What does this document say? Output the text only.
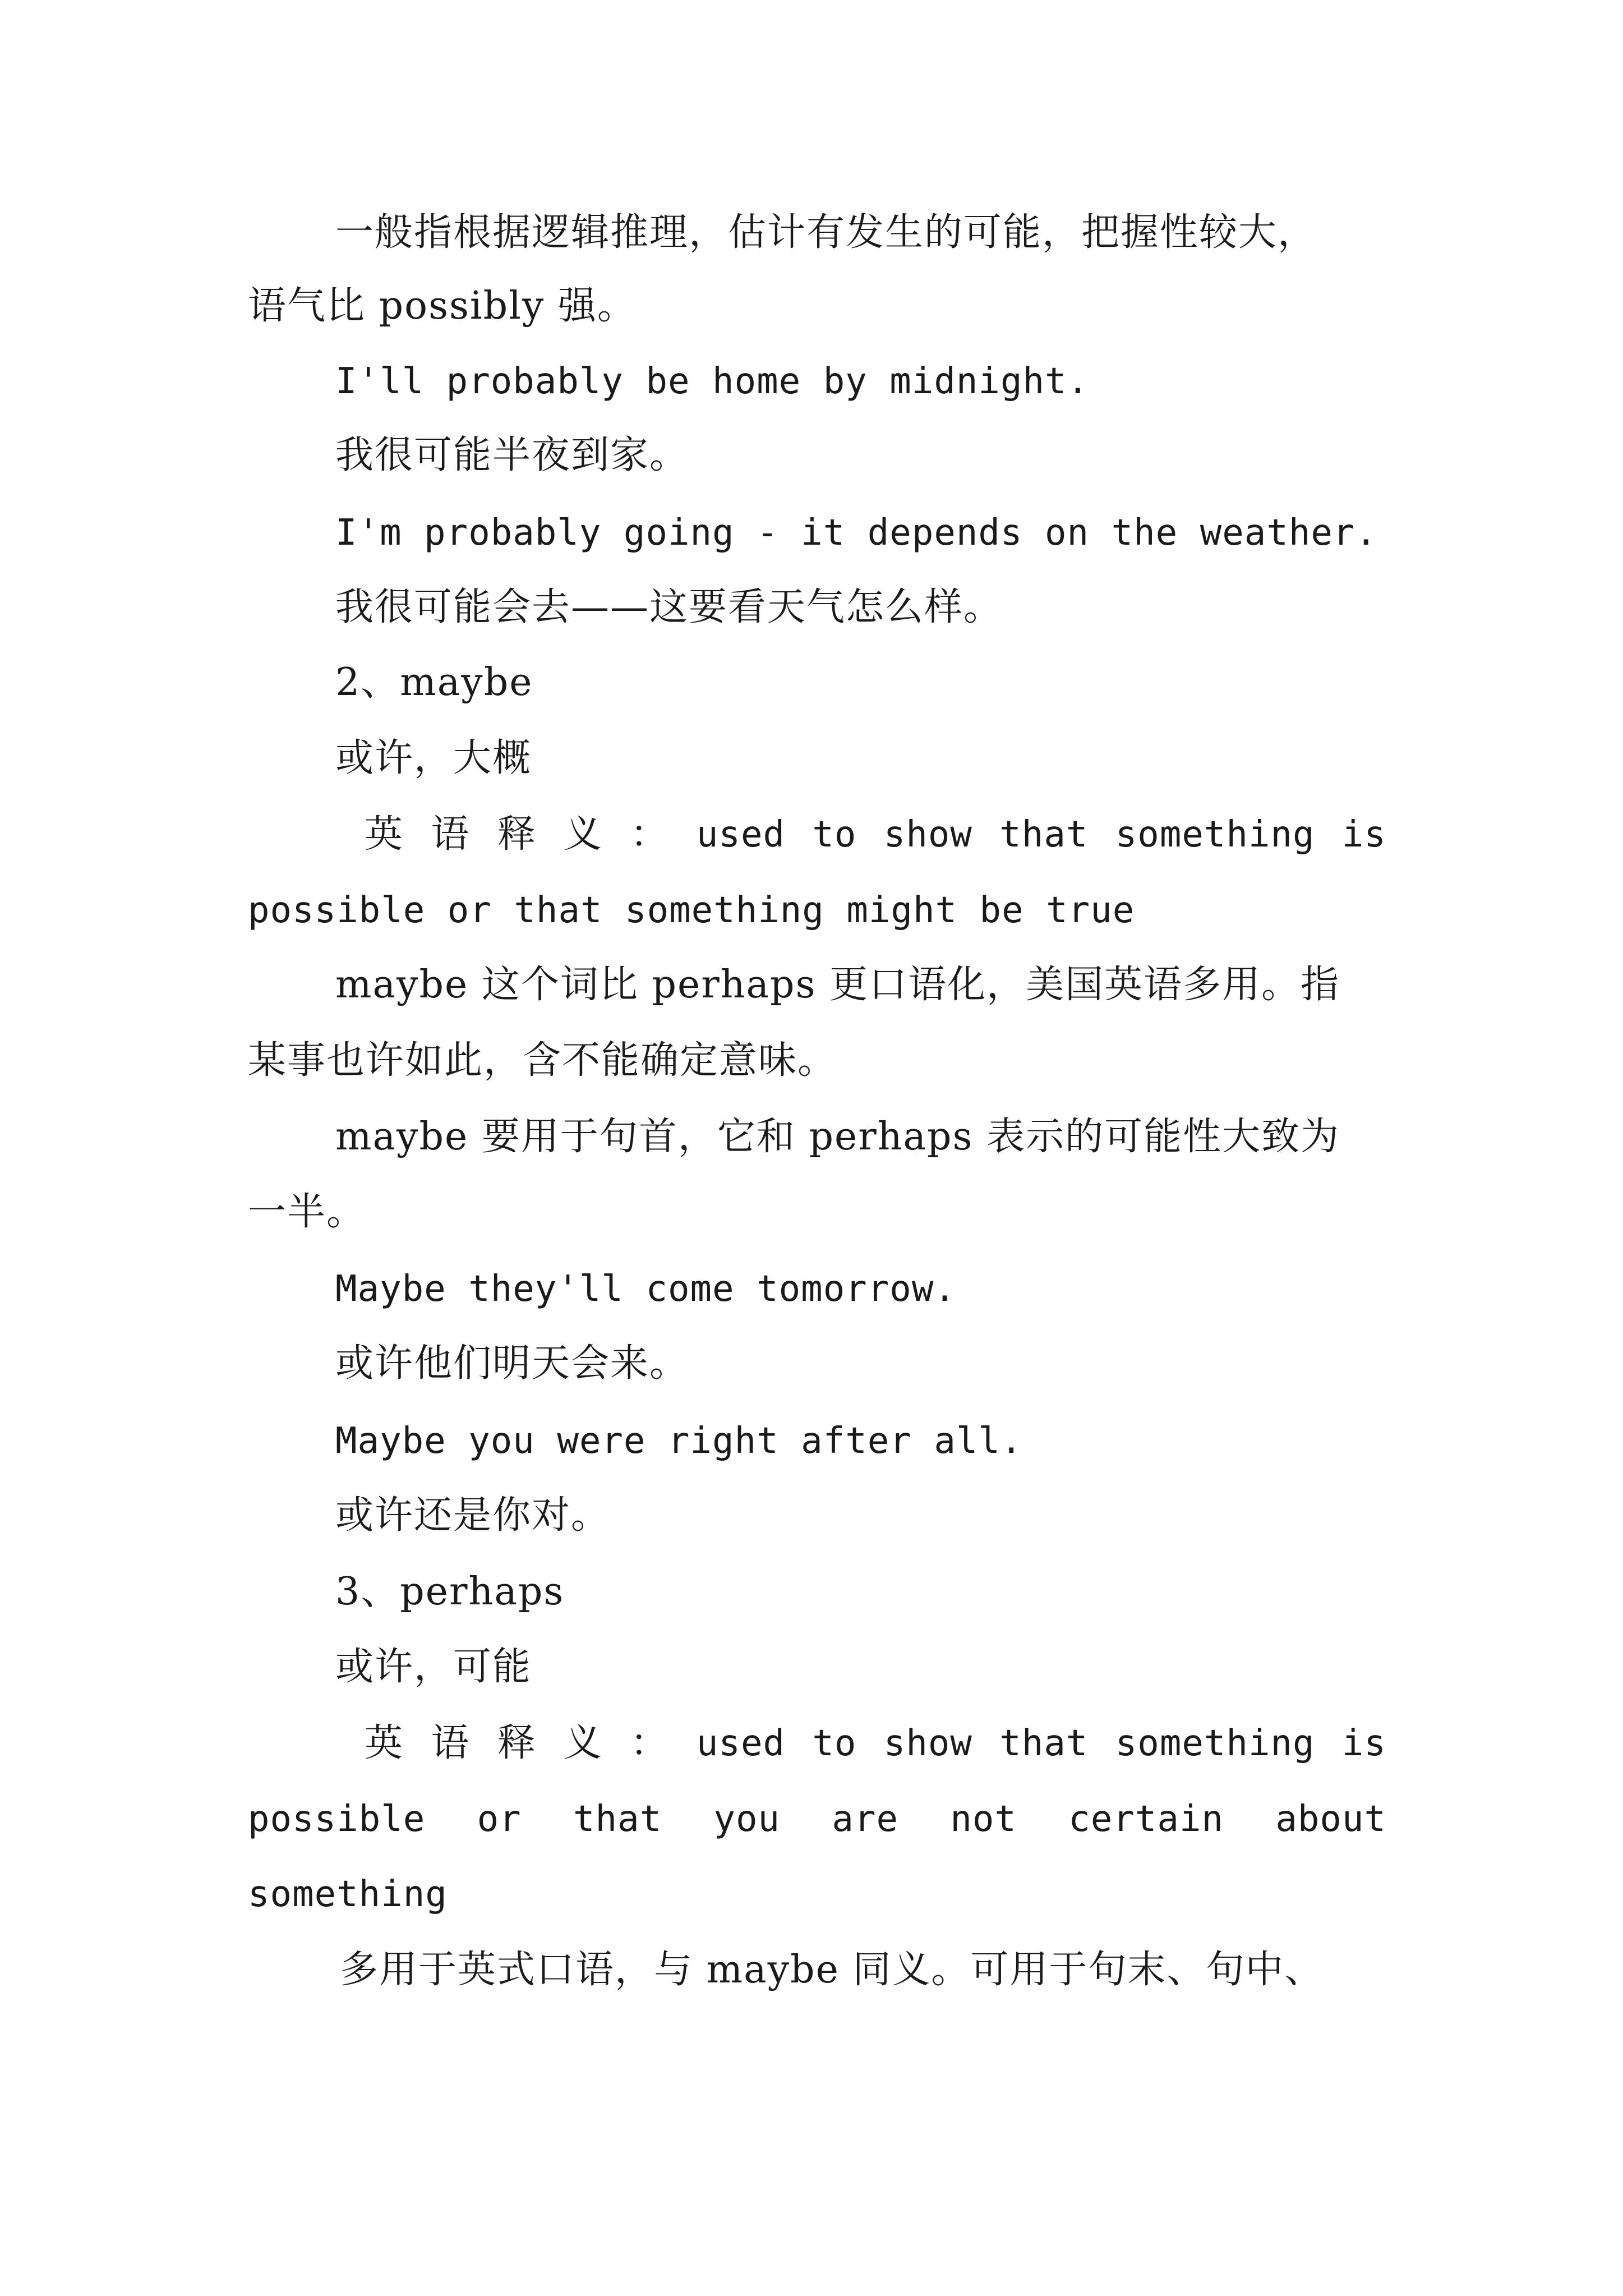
一般指根据逻辑推理，估计有发生的可能，把握性较大，
语气比 possibly 强。
I'll probably be home by midnight.
我很可能半夜到家。
I'm probably going - it depends on the weather.
我很可能会去——这要看天气怎么样。
2、maybe
或许，大概
英 语 释 义 ： used to show that something is
possible or that something might be true
maybe 这个词比 perhaps 更口语化，美国英语多用。指
某事也许如此，含不能确定意味。
maybe 要用于句首，它和 perhaps 表示的可能性大致为
一半。
Maybe they'll come tomorrow.
或许他们明天会来。
Maybe you were right after all.
或许还是你对。
3、perhaps
或许，可能
英 语 释 义 ： used to show that something is
possible or that you are not certain about
something
多用于英式口语，与 maybe 同义。可用于句末、句中、
